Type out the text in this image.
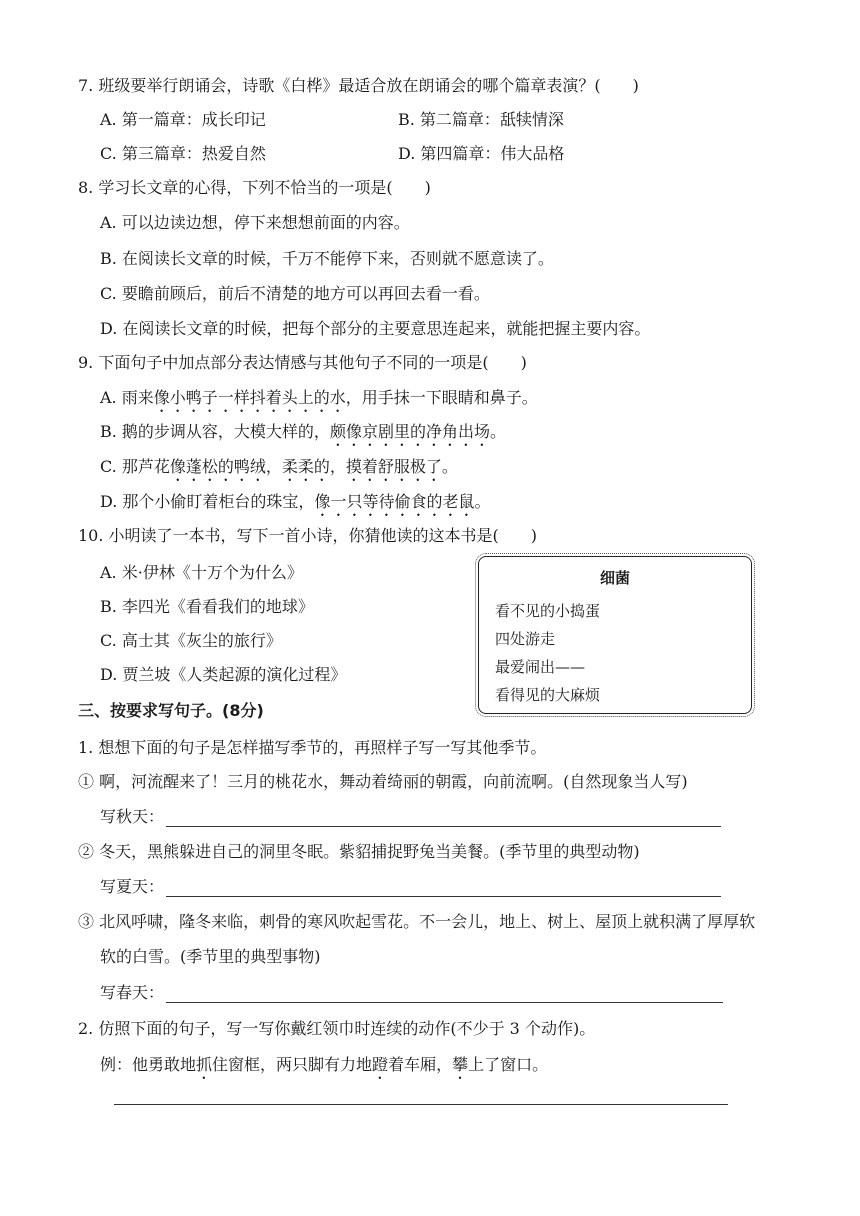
7. 班级要举行朗诵会，诗歌《白桦》最适合放在朗诵会的哪个篇章表演？(　　)
A. 第一篇章：成长印记	B. 第二篇章：舐犊情深
C. 第三篇章：热爱自然	D. 第四篇章：伟大品格
8. 学习长文章的心得，下列不恰当的一项是(　　)
A. 可以边读边想，停下来想想前面的内容。
B. 在阅读长文章的时候，千万不能停下来，否则就不愿意读了。
C. 要瞻前顾后，前后不清楚的地方可以再回去看一看。
D. 在阅读长文章的时候，把每个部分的主要意思连起来，就能把握主要内容。
9. 下面句子中加点部分表达情感与其他句子不同的一项是(　　)
A. 雨来像小鸭子一样抖着头上的水，用手抹一下眼睛和鼻子。
B. 鹅的步调从容，大模大样的，颇像京剧里的净角出场。
C. 那芦花像蓬松的鸭绒，柔柔的，摸着舒服极了。
D. 那个小偷盯着柜台的珠宝，像一只等待偷食的老鼠。
10. 小明读了一本书，写下一首小诗，你猜他读的这本书是(　　)
A. 米·伊林《十万个为什么》
B. 李四光《看看我们的地球》
C. 高士其《灰尘的旅行》
D. 贾兰坡《人类起源的演化过程》
细菌
看不见的小捣蛋
四处游走
最爱闹出——
看得见的大麻烦
三、按要求写句子。(8分)
1. 想想下面的句子是怎样描写季节的，再照样子写一写其他季节。
① 啊，河流醒来了！三月的桃花水，舞动着绮丽的朝霞，向前流啊。(自然现象当人写)
写秋天：
② 冬天，黑熊躲进自己的洞里冬眠。紫貂捕捉野兔当美餐。(季节里的典型动物)
写夏天：
③ 北风呼啸，隆冬来临，刺骨的寒风吹起雪花。不一会儿，地上、树上、屋顶上就积满了厚厚软
软的白雪。(季节里的典型事物)
写春天：
2. 仿照下面的句子，写一写你戴红领巾时连续的动作(不少于 3 个动作)。
例：他勇敢地抓住窗框，两只脚有力地蹬着车厢，攀上了窗口。
